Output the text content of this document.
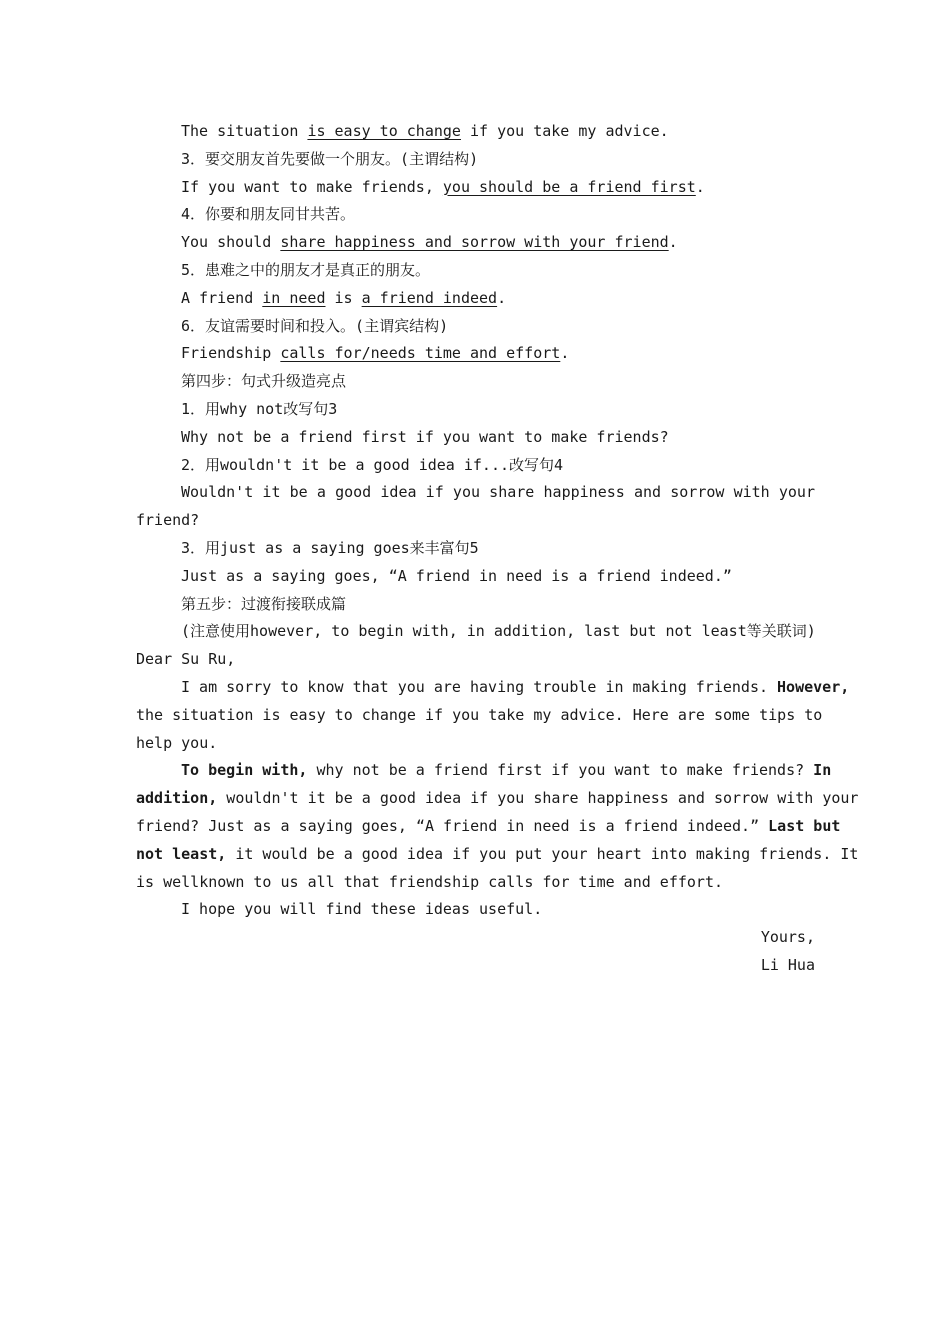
The situation is easy to change if you take my advice.
3．要交朋友首先要做一个朋友。(主谓结构)
If you want to make friends, you should be a friend first.
4．你要和朋友同甘共苦。
You should share happiness and sorrow with your friend.
5．患难之中的朋友才是真正的朋友。
A friend in need is a friend indeed.
6．友谊需要时间和投入。(主谓宾结构)
Friendship calls for/needs time and effort.
第四步：句式升级造亮点
1．用why not改写句3
Why not be a friend first if you want to make friends?
2．用wouldn't it be a good idea if...改写句4
Wouldn't it be a good idea if you share happiness and sorrow with your
friend?
3．用just as a saying goes来丰富句5
Just as a saying goes, “A friend in need is a friend indeed.”
第五步：过渡衔接联成篇
(注意使用however, to begin with, in addition, last but not least等关联词)
Dear Su Ru,
I am sorry to know that you are having trouble in making friends. However,
the situation is easy to change if you take my advice. Here are some tips to
help you.
To begin with, why not be a friend first if you want to make friends? In
addition, wouldn't it be a good idea if you share happiness and sorrow with your
friend? Just as a saying goes, “A friend in need is a friend indeed.” Last but
not least, it would be a good idea if you put your heart into making friends. It
is wellknown to us all that friendship calls for time and effort.
I hope you will find these ideas useful.
Yours,
Li Hua
